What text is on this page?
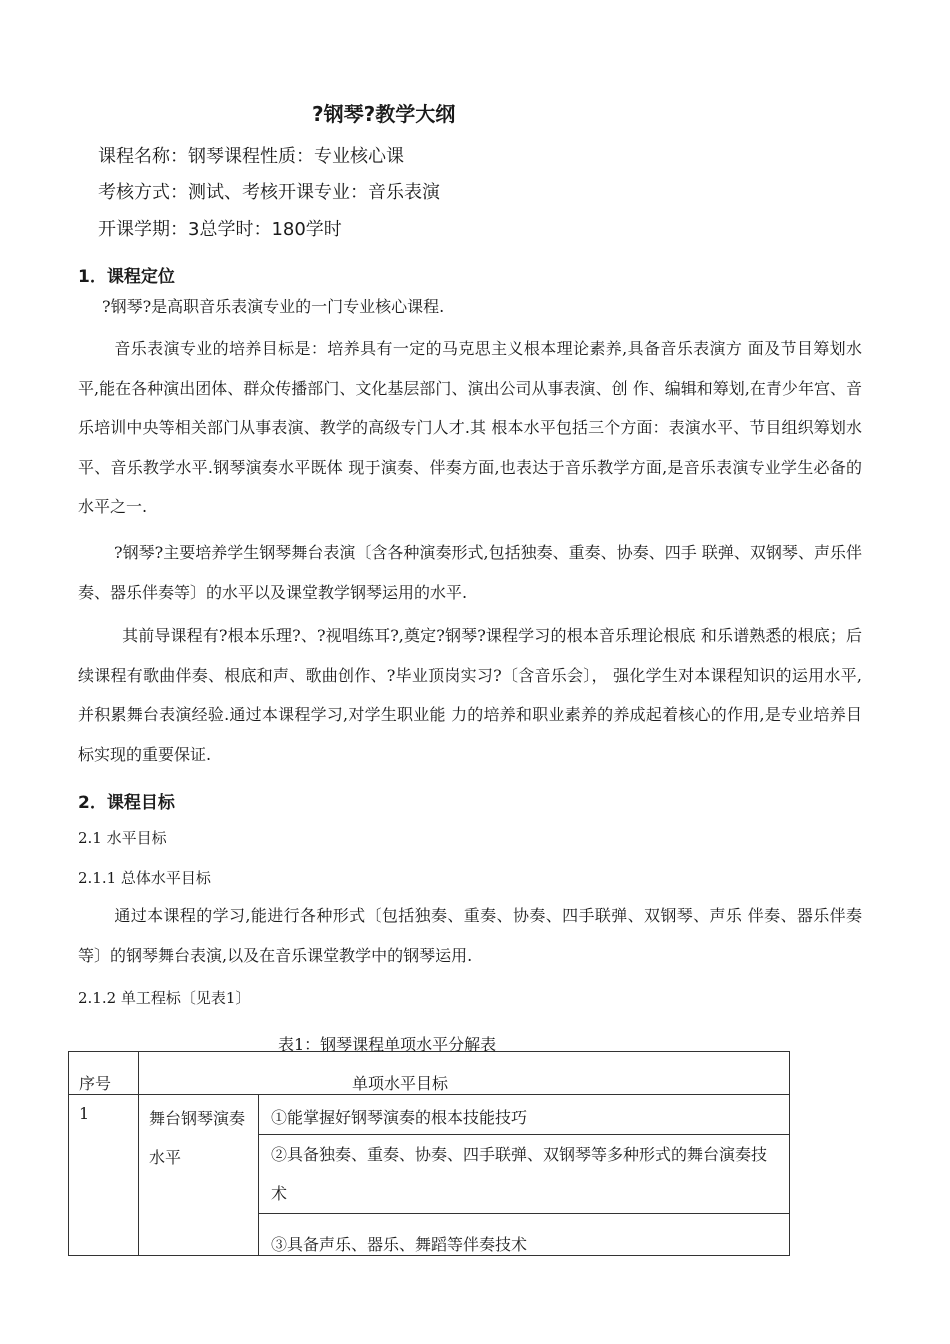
?钢琴?教学大纲
课程名称：钢琴课程性质：专业核心课
考核方式：测试、考核开课专业：音乐表演
开课学期：3总学时：180学时
1．课程定位
?钢琴?是高职音乐表演专业的一门专业核心课程.
音乐表演专业的培养目标是：培养具有一定的马克思主义根本理论素养,具备音乐表演方 面及节目筹划水平,能在各种演出团体、群众传播部门、文化基层部门、演出公司从事表演、创 作、编辑和筹划,在青少年宫、音乐培训中央等相关部门从事表演、教学的高级专门人才.其 根本水平包括三个方面：表演水平、节目组织筹划水平、音乐教学水平.钢琴演奏水平既体 现于演奏、伴奏方面,也表达于音乐教学方面,是音乐表演专业学生必备的水平之一.
?钢琴?主要培养学生钢琴舞台表演〔含各种演奏形式,包括独奏、重奏、协奏、四手 联弹、双钢琴、声乐伴奏、器乐伴奏等〕的水平以及课堂教学钢琴运用的水平.
其前导课程有?根本乐理?、?视唱练耳?,奠定?钢琴?课程学习的根本音乐理论根底 和乐谱熟悉的根底；后续课程有歌曲伴奏、根底和声、歌曲创作、?毕业顶岗实习?〔含音乐会〕， 强化学生对本课程知识的运用水平,并积累舞台表演经验.通过本课程学习,对学生职业能 力的培养和职业素养的养成起着核心的作用,是专业培养目标实现的重要保证.
2．课程目标
2.1 水平目标
2.1.1 总体水平目标
通过本课程的学习,能进行各种形式〔包括独奏、重奏、协奏、四手联弹、双钢琴、声乐 伴奏、器乐伴奏等〕的钢琴舞台表演,以及在音乐课堂教学中的钢琴运用.
2.1.2 单工程标〔见表1〕
表1：钢琴课程单项水平分解表
序号	单项水平目标	

1	舞台钢琴演奏水平	①能掌握好钢琴演奏的根本技能技巧

		②具备独奏、重奏、协奏、四手联弹、双钢琴等多种形式的舞台演奏技术

		③具备声乐、器乐、舞蹈等伴奏技术
